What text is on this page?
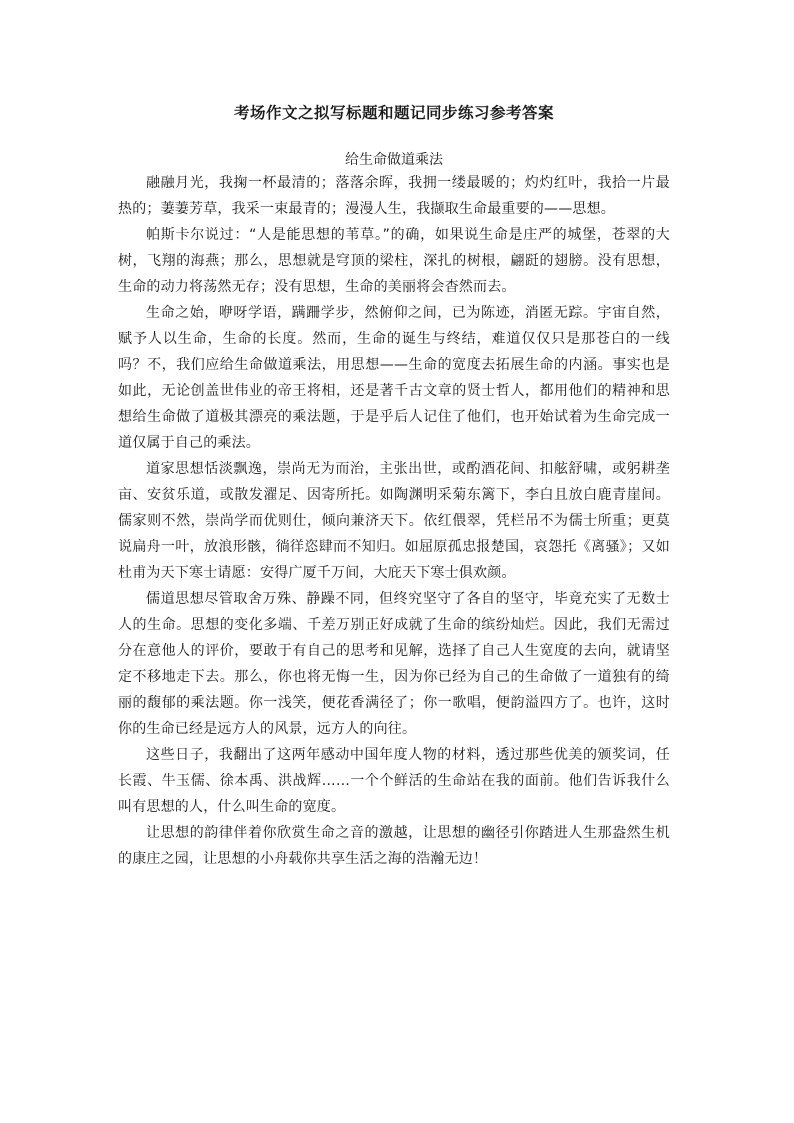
考场作文之拟写标题和题记同步练习参考答案
给生命做道乘法

融融月光，我掬一杯最清的；落落余晖，我拥一缕最暖的；灼灼红叶，我拾一片最热的；萋萋芳草，我采一束最青的；漫漫人生，我撷取生命最重要的——思想。

帕斯卡尔说过：“人是能思想的苇草。”的确，如果说生命是庄严的城堡，苍翠的大树，飞翔的海燕；那么，思想就是穹顶的梁柱，深扎的树根，翩跹的翅膀。没有思想，生命的动力将荡然无存；没有思想，生命的美丽将会杳然而去。

生命之始，咿呀学语，蹒跚学步，然俯仰之间，已为陈迹，消匿无踪。宇宙自然，赋予人以生命，生命的长度。然而，生命的诞生与终结，难道仅仅只是那苍白的一线吗？不，我们应给生命做道乘法，用思想——生命的宽度去拓展生命的内涵。事实也是如此，无论创盖世伟业的帝王将相，还是著千古文章的贤士哲人，都用他们的精神和思想给生命做了道极其漂亮的乘法题，于是乎后人记住了他们，也开始试着为生命完成一道仅属于自己的乘法。

道家思想恬淡飘逸，崇尚无为而治，主张出世，或酌酒花间、扣舷舒啸，或躬耕垄亩、安贫乐道，或散发濯足、因寄所托。如陶渊明采菊东篱下，李白且放白鹿青崖间。儒家则不然，崇尚学而优则仕，倾向兼济天下。依红偎翠，凭栏吊不为儒士所重；更莫说扁舟一叶，放浪形骸，徜徉恣肆而不知归。如屈原孤忠报楚国，哀怨托《离骚》；又如杜甫为天下寒士请愿：安得广厦千万间，大庇天下寒士俱欢颜。

儒道思想尽管取舍万殊、静躁不同，但终究坚守了各自的坚守，毕竟充实了无数士人的生命。思想的变化多端、千差万别正好成就了生命的缤纷灿烂。因此，我们无需过分在意他人的评价，要敢于有自己的思考和见解，选择了自己人生宽度的去向，就请坚定不移地走下去。那么，你也将无悔一生，因为你已经为自己的生命做了一道独有的绮丽的馥郁的乘法题。你一浅笑，便花香满径了；你一歌唱，便韵溢四方了。也许，这时你的生命已经是远方人的风景，远方人的向往。

这些日子，我翻出了这两年感动中国年度人物的材料，透过那些优美的颁奖词，任长霞、牛玉儒、徐本禹、洪战辉……一个个鲜活的生命站在我的面前。他们告诉我什么叫有思想的人，什么叫生命的宽度。

让思想的韵律伴着你欣赏生命之音的激越，让思想的幽径引你踏进人生那盎然生机的康庄之园，让思想的小舟载你共享生活之海的浩瀚无边！
